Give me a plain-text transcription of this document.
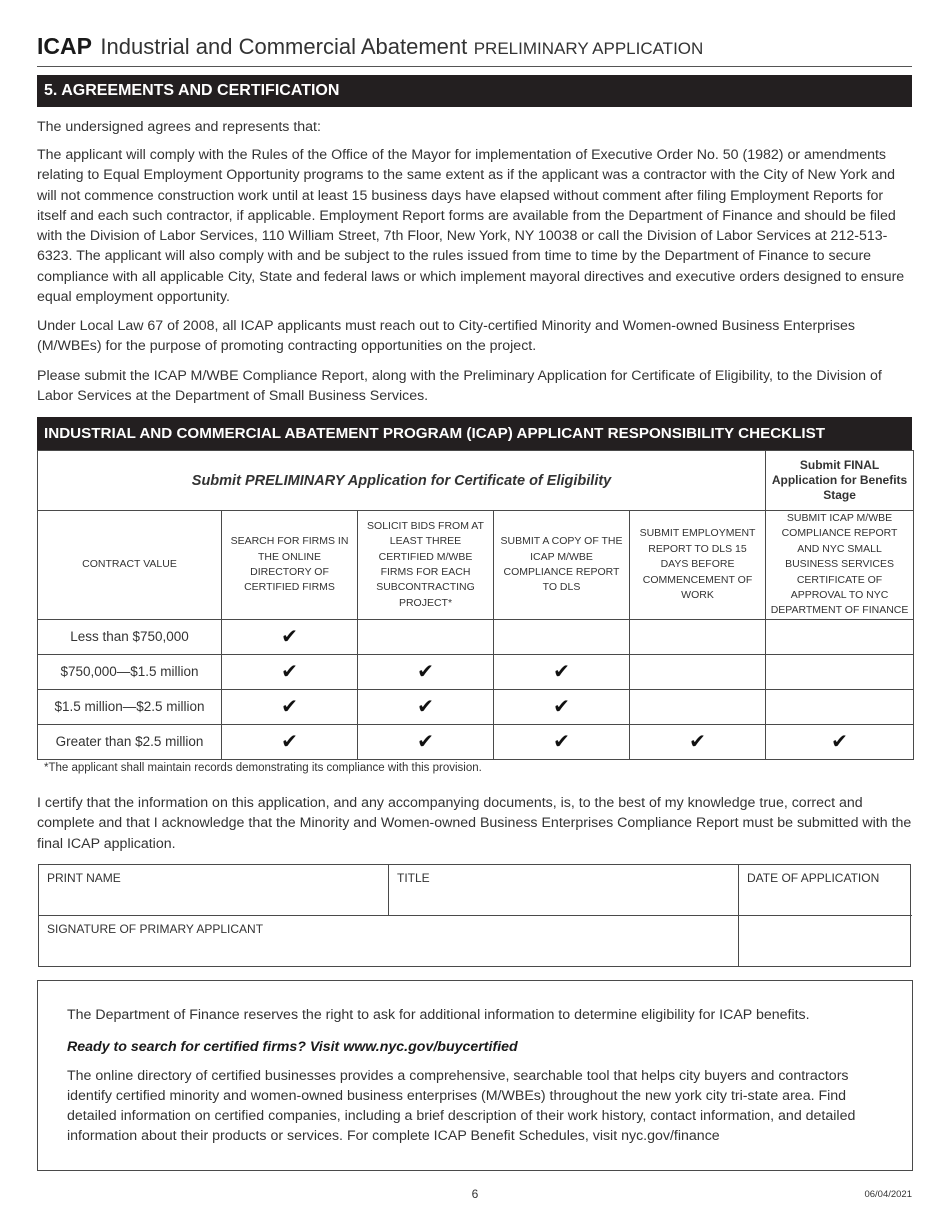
ICAP Industrial and Commercial Abatement PRELIMINARY APPLICATION
5. AGREEMENTS AND CERTIFICATION

The undersigned agrees and represents that:

The applicant will comply with the Rules of the Office of the Mayor for implementation of Executive Order No. 50 (1982) or amendments relating to Equal Employment Opportunity programs to the same extent as if the applicant was a contractor with the City of New York and will not commence construction work until at least 15 business days have elapsed without comment after filing Employment Reports for itself and each such contractor, if applicable. Employment Report forms are available from the Department of Finance and should be filed with the Division of Labor Services, 110 William Street, 7th Floor, New York, NY 10038 or call the Division of Labor Services at 212-513-6323. The applicant will also comply with and be subject to the rules issued from time to time by the Department of Finance to secure compliance with all applicable City, State and federal laws or which implement mayoral directives and executive orders designed to ensure equal employment opportunity.

Under Local Law 67 of 2008, all ICAP applicants must reach out to City-certified Minority and Women-owned Business Enterprises (M/WBEs) for the purpose of promoting contracting opportunities on the project.

Please submit the ICAP M/WBE Compliance Report, along with the Preliminary Application for Certificate of Eligibility, to the Division of Labor Services at the Department of Small Business Services.

INDUSTRIAL AND COMMERCIAL ABATEMENT PROGRAM (ICAP) APPLICANT RESPONSIBILITY CHECKLIST
Submit PRELIMINARY Application for Certificate of Eligibility					Submit FINAL Application for Benefits Stage
CONTRACT VALUE	SEARCH FOR FIRMS IN THE ONLINE DIRECTORY OF CERTIFIED FIRMS	SOLICIT BIDS FROM AT LEAST THREE CERTIFIED M/WBE FIRMS FOR EACH SUBCONTRACTING PROJECT*	SUBMIT A COPY OF THE ICAP M/WBE COMPLIANCE REPORT TO DLS	SUBMIT EMPLOYMENT REPORT TO DLS 15 DAYS BEFORE COMMENCEMENT OF WORK	SUBMIT ICAP M/WBE COMPLIANCE REPORT AND NYC SMALL BUSINESS SERVICES CERTIFICATE OF APPROVAL TO NYC DEPARTMENT OF FINANCE
Less than $750,000	✔				
$750,000—$1.5 million	✔	✔	✔		
$1.5 million—$2.5 million	✔	✔	✔		
Greater than $2.5 million	✔	✔	✔	✔	✔
*The applicant shall maintain records demonstrating its compliance with this provision.

I certify that the information on this application, and any accompanying documents, is, to the best of my knowledge true, correct and complete and that I acknowledge that the Minority and Women-owned Business Enterprises Compliance Report must be submitted with the final ICAP application.

PRINT NAME	TITLE	DATE OF APPLICATION
SIGNATURE OF PRIMARY APPLICANT

The Department of Finance reserves the right to ask for additional information to determine eligibility for ICAP benefits.

Ready to search for certified firms? Visit www.nyc.gov/buycertified

The online directory of certified businesses provides a comprehensive, searchable tool that helps city buyers and contractors identify certified minority and women-owned business enterprises (M/WBEs) throughout the new york city tri-state area. Find detailed information on certified companies, including a brief description of their work history, contact information, and detailed information about their products or services. For complete ICAP Benefit Schedules, visit nyc.gov/finance

6	06/04/2021
